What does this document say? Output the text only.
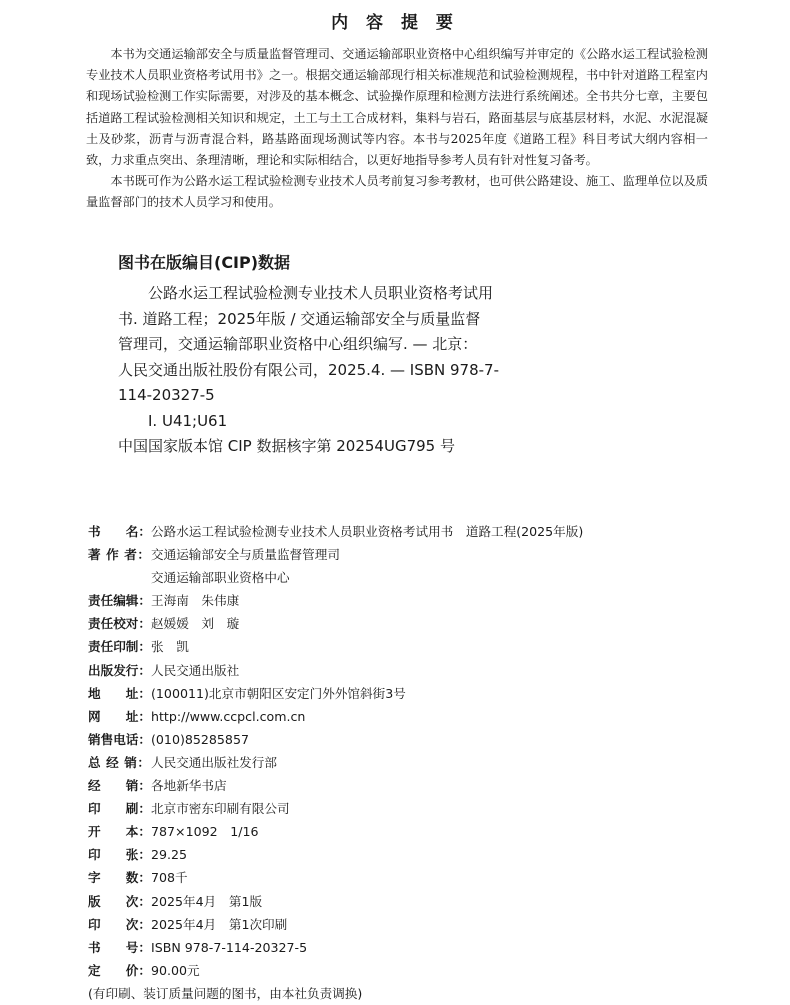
内 容 提 要

本书为交通运输部安全与质量监督管理司、交通运输部职业资格中心组织编写并审定的《公路水运工程试验检测专业技术人员职业资格考试用书》之一。根据交通运输部现行相关标准规范和试验检测规程，书中针对道路工程室内和现场试验检测工作实际需要，对涉及的基本概念、试验操作原理和检测方法进行系统阐述。全书共分七章，主要包括道路工程试验检测相关知识和规定，土工与土工合成材料，集料与岩石，路面基层与底基层材料，水泥、水泥混凝土及砂浆，沥青与沥青混合料，路基路面现场测试等内容。本书与2025年度《道路工程》科目考试大纲内容相一致，力求重点突出、条理清晰，理论和实际相结合，以更好地指导参考人员有针对性复习备考。

本书既可作为公路水运工程试验检测专业技术人员考前复习参考教材，也可供公路建设、施工、监理单位以及质量监督部门的技术人员学习和使用。

图书在版编目(CIP)数据
公路水运工程试验检测专业技术人员职业资格考试用
书. 道路工程；2025年版 / 交通运输部安全与质量监督
管理司，交通运输部职业资格中心组织编写. — 北京：
人民交通出版社股份有限公司，2025.4. — ISBN 978-7-
114-20327-5
Ⅰ. U41;U61
中国国家版本馆 CIP 数据核字第 20254UG795 号
书　　名： 公路水运工程试验检测专业技术人员职业资格考试用书　道路工程(2025年版)
著 作 者： 交通运输部安全与质量监督管理司
交通运输部职业资格中心
责任编辑： 王海南　朱伟康
责任校对： 赵媛媛　刘　璇
责任印制： 张　凯
出版发行： 人民交通出版社
地　　址： (100011)北京市朝阳区安定门外外馆斜街3号
网　　址： http://www.ccpcl.com.cn
销售电话： (010)85285857
总 经 销： 人民交通出版社发行部
经　　销： 各地新华书店
印　　刷： 北京市密东印刷有限公司
开　　本： 787×1092　1/16
印　　张： 29.25
字　　数： 708千
版　　次： 2025年4月　第1版
印　　次： 2025年4月　第1次印刷
书　　号： ISBN 978-7-114-20327-5
定　　价： 90.00元
(有印刷、装订质量问题的图书，由本社负责调换)
